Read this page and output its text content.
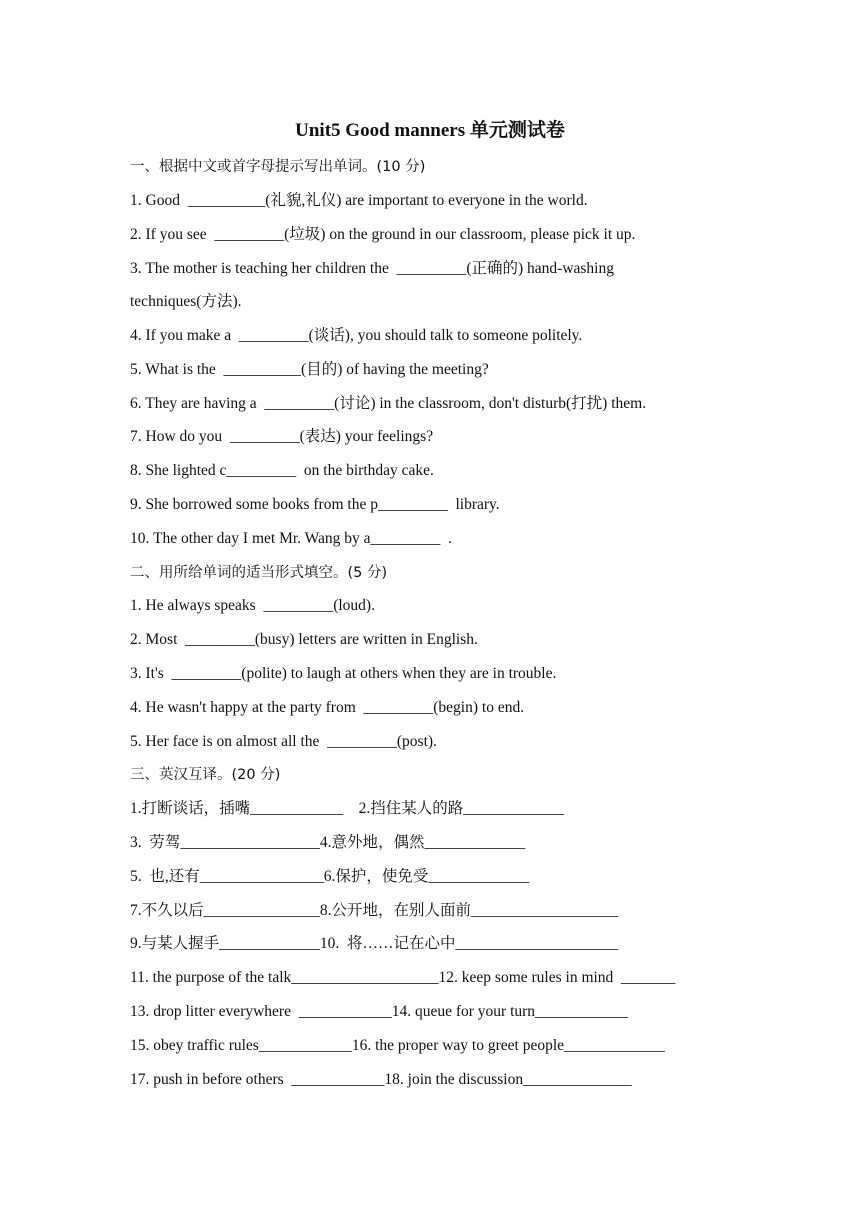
Unit5 Good manners 单元测试卷
一、根据中文或首字母提示写出单词。(10 分)
1. Good  __________(礼貌,礼仪) are important to everyone in the world.
2. If you see  _________(垃圾) on the ground in our classroom, please pick it up.
3. The mother is teaching her children the  _________(正确的) hand-washing
techniques(方法).
4. If you make a  _________(谈话), you should talk to someone politely.
5. What is the  __________(目的) of having the meeting?
6. They are having a  _________(讨论) in the classroom, don't disturb(打扰) them.
7. How do you  _________(表达) your feelings?
8. She lighted c_________  on the birthday cake.
9. She borrowed some books from the p_________  library.
10. The other day I met Mr. Wang by a_________  .
二、用所给单词的适当形式填空。(5 分)
1. He always speaks  _________(loud).
2. Most  _________(busy) letters are written in English.
3. It's  _________(polite) to laugh at others when they are in trouble.
4. He wasn't happy at the party from  _________(begin) to end.
5. Her face is on almost all the  _________(post).
三、英汉互译。(20 分)
1.打断谈话，插嘴____________    2.挡住某人的路_____________
3.  劳驾__________________4.意外地，偶然_____________
5.  也,还有________________6.保护，使免受_____________
7.不久以后_______________8.公开地，在别人面前___________________
9.与某人握手_____________10.  将……记在心中_____________________
11. the purpose of the talk___________________12. keep some rules in mind  _______
13. drop litter everywhere  ____________14. queue for your turn____________
15. obey traffic rules____________16. the proper way to greet people_____________
17. push in before others  ____________18. join the discussion______________
